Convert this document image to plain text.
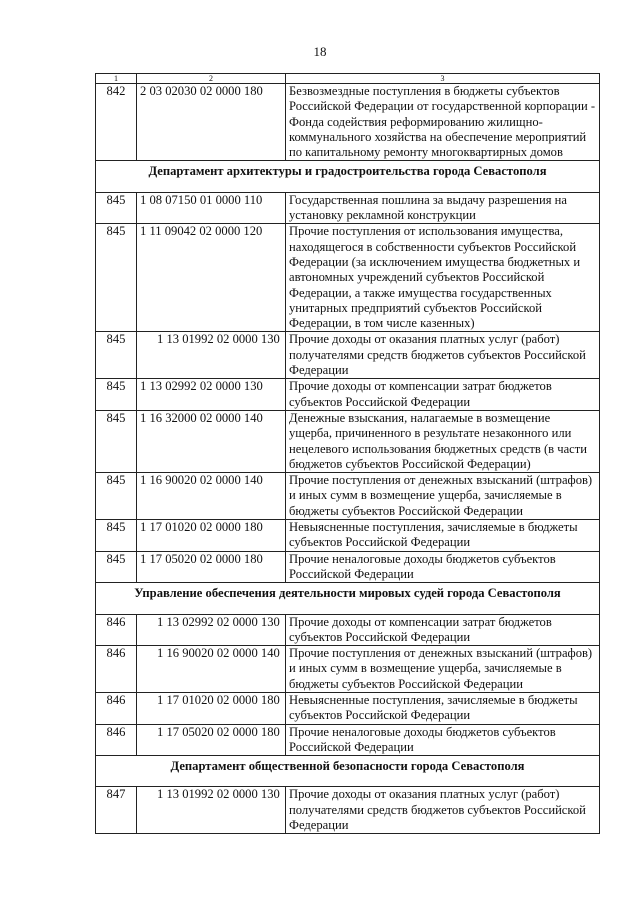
18
1	2	3
842	2 03 02030 02 0000 180	Безвозмездные поступления в бюджеты субъектов Российской Федерации от государственной корпорации - Фонда содействия реформированию жилищно-коммунального хозяйства на обеспечение мероприятий по капитальному ремонту многоквартирных домов
Департамент архитектуры и градостроительства города Севастополя		
845	1 08 07150 01 0000 110	Государственная пошлина за выдачу разрешения на установку рекламной конструкции
845	1 11 09042 02 0000 120	Прочие поступления от использования имущества, находящегося в собственности субъектов Российской Федерации (за исключением имущества бюджетных и автономных учреждений субъектов Российской Федерации, а также имущества государственных унитарных предприятий субъектов Российской Федерации, в том числе казенных)
845	1 13 01992 02 0000 130	Прочие доходы от оказания платных услуг (работ) получателями средств бюджетов субъектов Российской Федерации
845	1 13 02992 02 0000 130	Прочие доходы от компенсации затрат бюджетов субъектов Российской Федерации
845	1 16 32000 02 0000 140	Денежные взыскания, налагаемые в возмещение ущерба, причиненного в результате незаконного или нецелевого использования бюджетных средств (в части бюджетов субъектов Российской Федерации)
845	1 16 90020 02 0000 140	Прочие поступления от денежных взысканий (штрафов) и иных сумм в возмещение ущерба, зачисляемые в бюджеты субъектов Российской Федерации
845	1 17 01020 02 0000 180	Невыясненные поступления, зачисляемые в бюджеты субъектов Российской Федерации
845	1 17 05020 02 0000 180	Прочие неналоговые доходы бюджетов субъектов Российской Федерации
Управление обеспечения деятельности мировых судей города Севастополя		
846	1 13 02992 02 0000 130	Прочие доходы от компенсации затрат бюджетов субъектов Российской Федерации
846	1 16 90020 02 0000 140	Прочие поступления от денежных взысканий (штрафов) и иных сумм в возмещение ущерба, зачисляемые в бюджеты субъектов Российской Федерации
846	1 17 01020 02 0000 180	Невыясненные поступления, зачисляемые в бюджеты субъектов Российской Федерации
846	1 17 05020 02 0000 180	Прочие неналоговые доходы бюджетов субъектов Российской Федерации
Департамент общественной безопасности города Севастополя		
847	1 13 01992 02 0000 130	Прочие доходы от оказания платных услуг (работ) получателями средств бюджетов субъектов Российской Федерации
